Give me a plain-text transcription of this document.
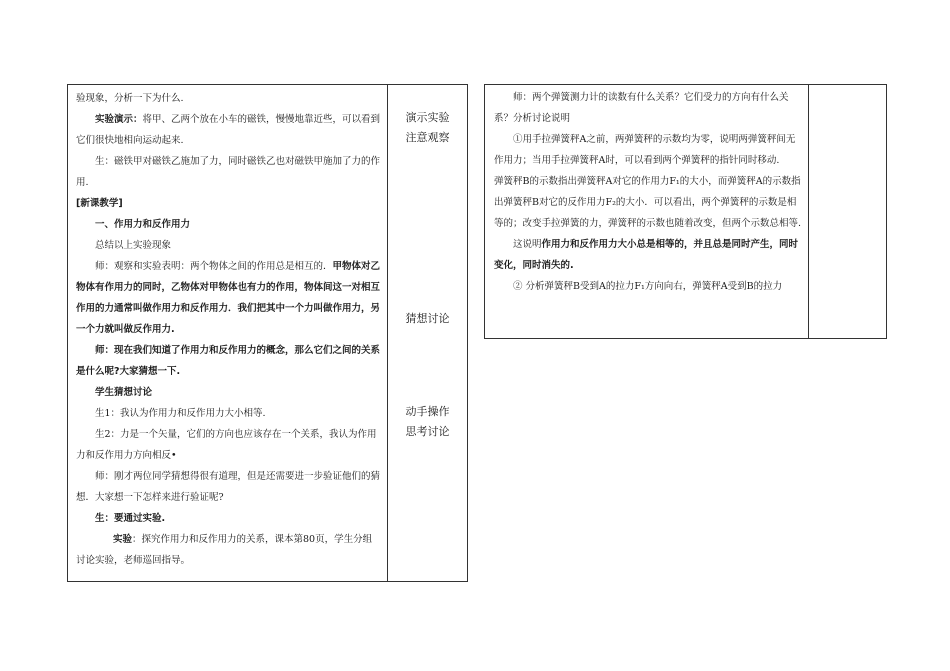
验现象，分析一下为什么.

实验演示：将甲、乙两个放在小车的磁铁，慢慢地靠近些，可以看到它们很快地相向运动起来.

生：磁铁甲对磁铁乙施加了力，同时磁铁乙也对磁铁甲施加了力的作用.

[新课教学]

一、作用力和反作用力

总结以上实验现象

师：观察和实验表明：两个物体之间的作用总是相互的．甲物体对乙物体有作用力的同时，乙物体对甲物体也有力的作用，物体间这一对相互作用的力通常叫做作用力和反作用力．我们把其中一个力叫做作用力，另一个力就叫做反作用力.

师：现在我们知道了作用力和反作用力的概念，那么它们之间的关系是什么呢?大家猜想一下.

学生猜想讨论

生1：我认为作用力和反作用力大小相等.

生2：力是一个矢量，它们的方向也应该存在一个关系，我认为作用力和反作用力方向相反•

师：刚才两位同学猜想得很有道理，但是还需要进一步验证他们的猜想．大家想一下怎样来进行验证呢?

生：要通过实验.

实验：探究作用力和反作用力的关系，课本第80页，学生分组讨论实验，老师巡回指导。

演示实验
注意观察
猜想讨论
动手操作
思考讨论

师：两个弹簧测力计的读数有什么关系？它们受力的方向有什么关系？分析讨论说明

①用手拉弹簧秤A之前，两弹簧秤的示数均为零，说明两弹簧秤间无作用力；当用手拉弹簧秤A时，可以看到两个弹簧秤的指针同时移动.

弹簧秤B的示数指出弹簧秤A对它的作用力F₁的大小，而弹簧秤A的示数指出弹簧秤B对它的反作用力F₂的大小．可以看出，两个弹簧秤的示数是相等的；改变手拉弹簧的力，弹簧秤的示数也随着改变，但两个示数总相等.

这说明作用力和反作用力大小总是相等的，并且总是同时产生，同时变化，同时消失的.

② 分析弹簧秤B受到A的拉力F₁方向向右，弹簧秤A受到B的拉力
